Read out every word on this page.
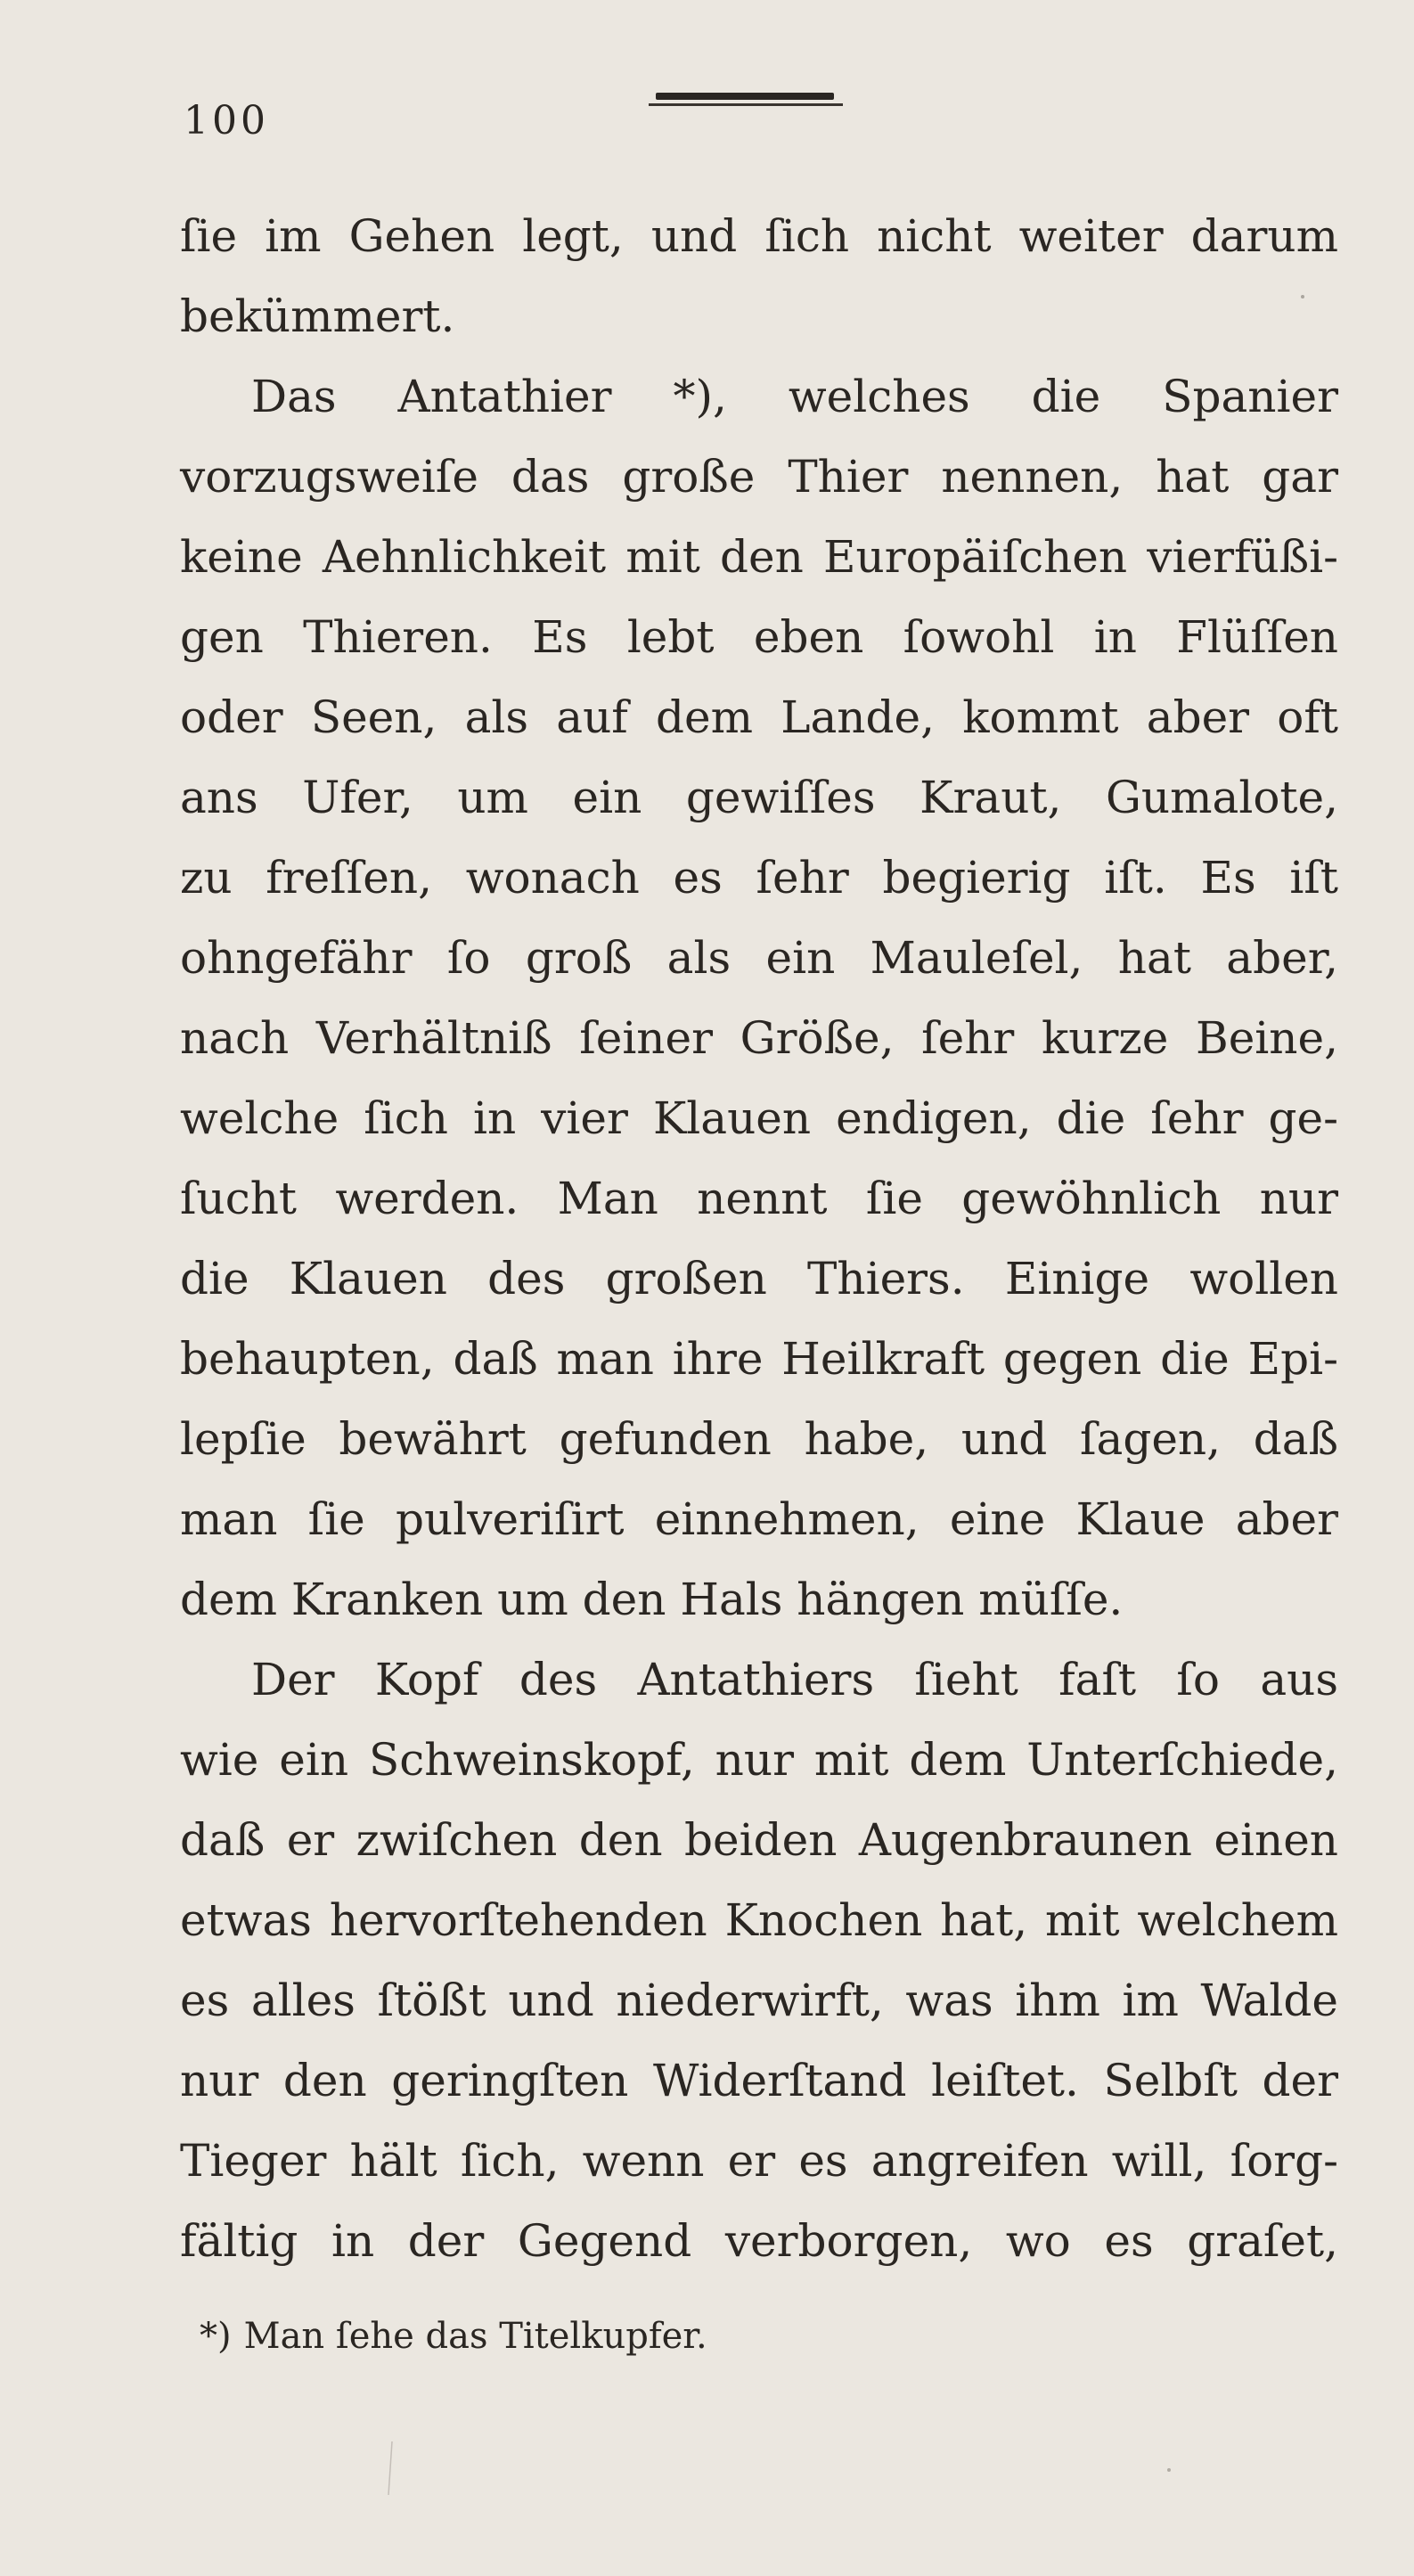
100
ſie im Gehen legt, und ſich nicht weiter darum
bekümmert.
Das Antathier *), welches die Spanier
vorzugsweiſe das große Thier nennen, hat gar
keine Aehnlichkeit mit den Europäiſchen vierfüßi-
gen Thieren. Es lebt eben ſowohl in Flüſſen
oder Seen, als auf dem Lande, kommt aber oft
ans Ufer, um ein gewiſſes Kraut, Gumalote,
zu freſſen, wonach es ſehr begierig iſt. Es iſt
ohngefähr ſo groß als ein Mauleſel, hat aber,
nach Verhältniß ſeiner Größe, ſehr kurze Beine,
welche ſich in vier Klauen endigen, die ſehr ge-
ſucht werden. Man nennt ſie gewöhnlich nur
die Klauen des großen Thiers. Einige wollen
behaupten, daß man ihre Heilkraft gegen die Epi-
lepſie bewährt gefunden habe, und ſagen, daß
man ſie pulveriſirt einnehmen, eine Klaue aber
dem Kranken um den Hals hängen müſſe.
Der Kopf des Antathiers ſieht faſt ſo aus
wie ein Schweinskopf, nur mit dem Unterſchiede,
daß er zwiſchen den beiden Augenbraunen einen
etwas hervorſtehenden Knochen hat, mit welchem
es alles ſtößt und niederwirft, was ihm im Walde
nur den geringſten Widerſtand leiſtet. Selbſt der
Tieger hält ſich, wenn er es angreifen will, ſorg-
fältig in der Gegend verborgen, wo es graſet,
*) Man ſehe das Titelkupfer.
